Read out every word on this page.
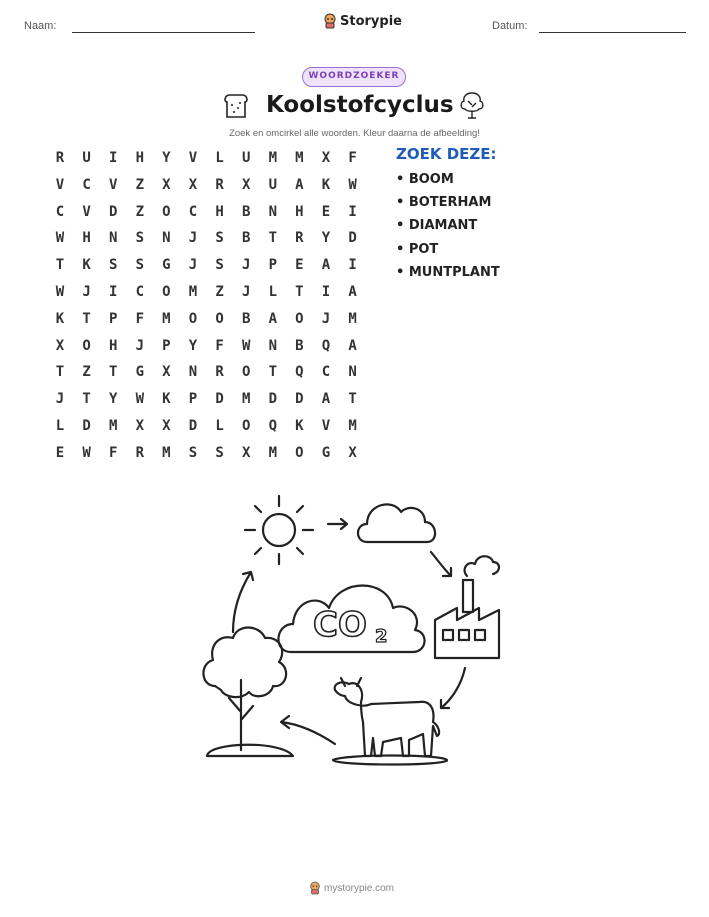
Naam:	Storypie	Datum:
WOORDZOEKER
Koolstofcyclus
Zoek en omcirkel alle woorden. Kleur daarna de afbeelding!
R	U	I	H	Y	V	L	U	M	M	X	F
V	C	V	Z	X	X	R	X	U	A	K	W
C	V	D	Z	O	C	H	B	N	H	E	I
W	H	N	S	N	J	S	B	T	R	Y	D
T	K	S	S	G	J	S	J	P	E	A	I
W	J	I	C	O	M	Z	J	L	T	I	A
K	T	P	F	M	O	O	B	A	O	J	M
X	O	H	J	P	Y	F	W	N	B	Q	A
T	Z	T	G	X	N	R	O	T	Q	C	N
J	T	Y	W	K	P	D	M	D	D	A	T
L	D	M	X	X	D	L	O	Q	K	V	M
E	W	F	R	M	S	S	X	M	O	G	X
ZOEK DEZE:
• BOOM
• BOTERHAM
• DIAMANT
• POT
• MUNTPLANT
CO 2
mystorypie.com
